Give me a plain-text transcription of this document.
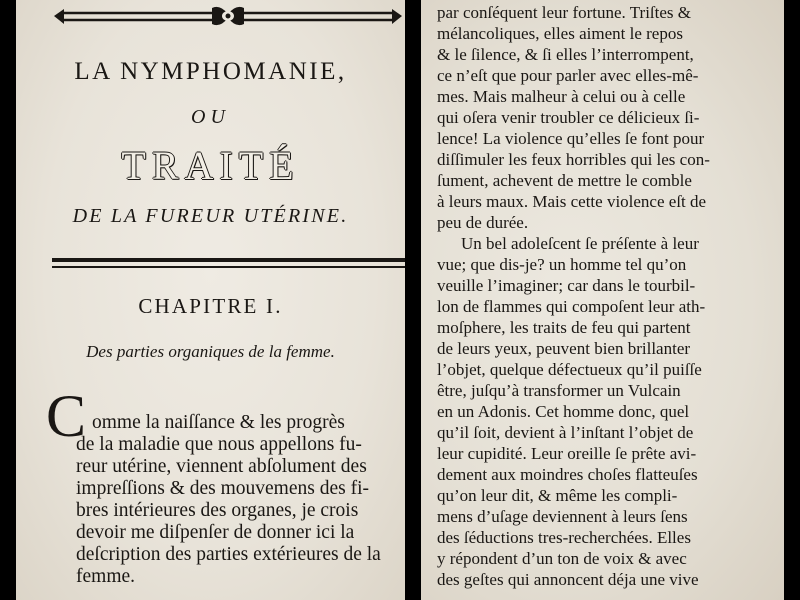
LA NYMPHOMANIE,
OU
TRAITÉ
DE LA FUREUR UTÉRINE.
CHAPITRE I.
Des parties organiques de la femme.
C omme la naiſſance & les progrès
de la maladie que nous appellons fu-
reur utérine, viennent abſolument des
impreſſions & des mouvemens des fi-
bres intérieures des organes, je crois
devoir me diſpenſer de donner ici la
deſcription des parties extérieures de la
femme.
par conſéquent leur fortune. Triſtes &
mélancoliques, elles aiment le repos
& le ſilence, & ſi elles l’interrompent,
ce n’eſt que pour parler avec elles-mê-
mes. Mais malheur à celui ou à celle
qui oſera venir troubler ce délicieux ſi-
lence! La violence qu’elles ſe font pour
diſſimuler les feux horribles qui les con-
ſument, achevent de mettre le comble
à leurs maux. Mais cette violence eſt de
peu de durée.
Un bel adoleſcent ſe préſente à leur
vue; que dis-je? un homme tel qu’on
veuille l’imaginer; car dans le tourbil-
lon de flammes qui compoſent leur ath-
moſphere, les traits de feu qui partent
de leurs yeux, peuvent bien brillanter
l’objet, quelque défectueux qu’il puiſſe
être, juſqu’à transformer un Vulcain
en un Adonis. Cet homme donc, quel
qu’il ſoit, devient à l’inſtant l’objet de
leur cupidité. Leur oreille ſe prête avi-
dement aux moindres choſes flatteuſes
qu’on leur dit, & même les compli-
mens d’uſage deviennent à leurs ſens
des ſéductions tres-recherchées. Elles
y répondent d’un ton de voix & avec
des geſtes qui annoncent déja une vive
